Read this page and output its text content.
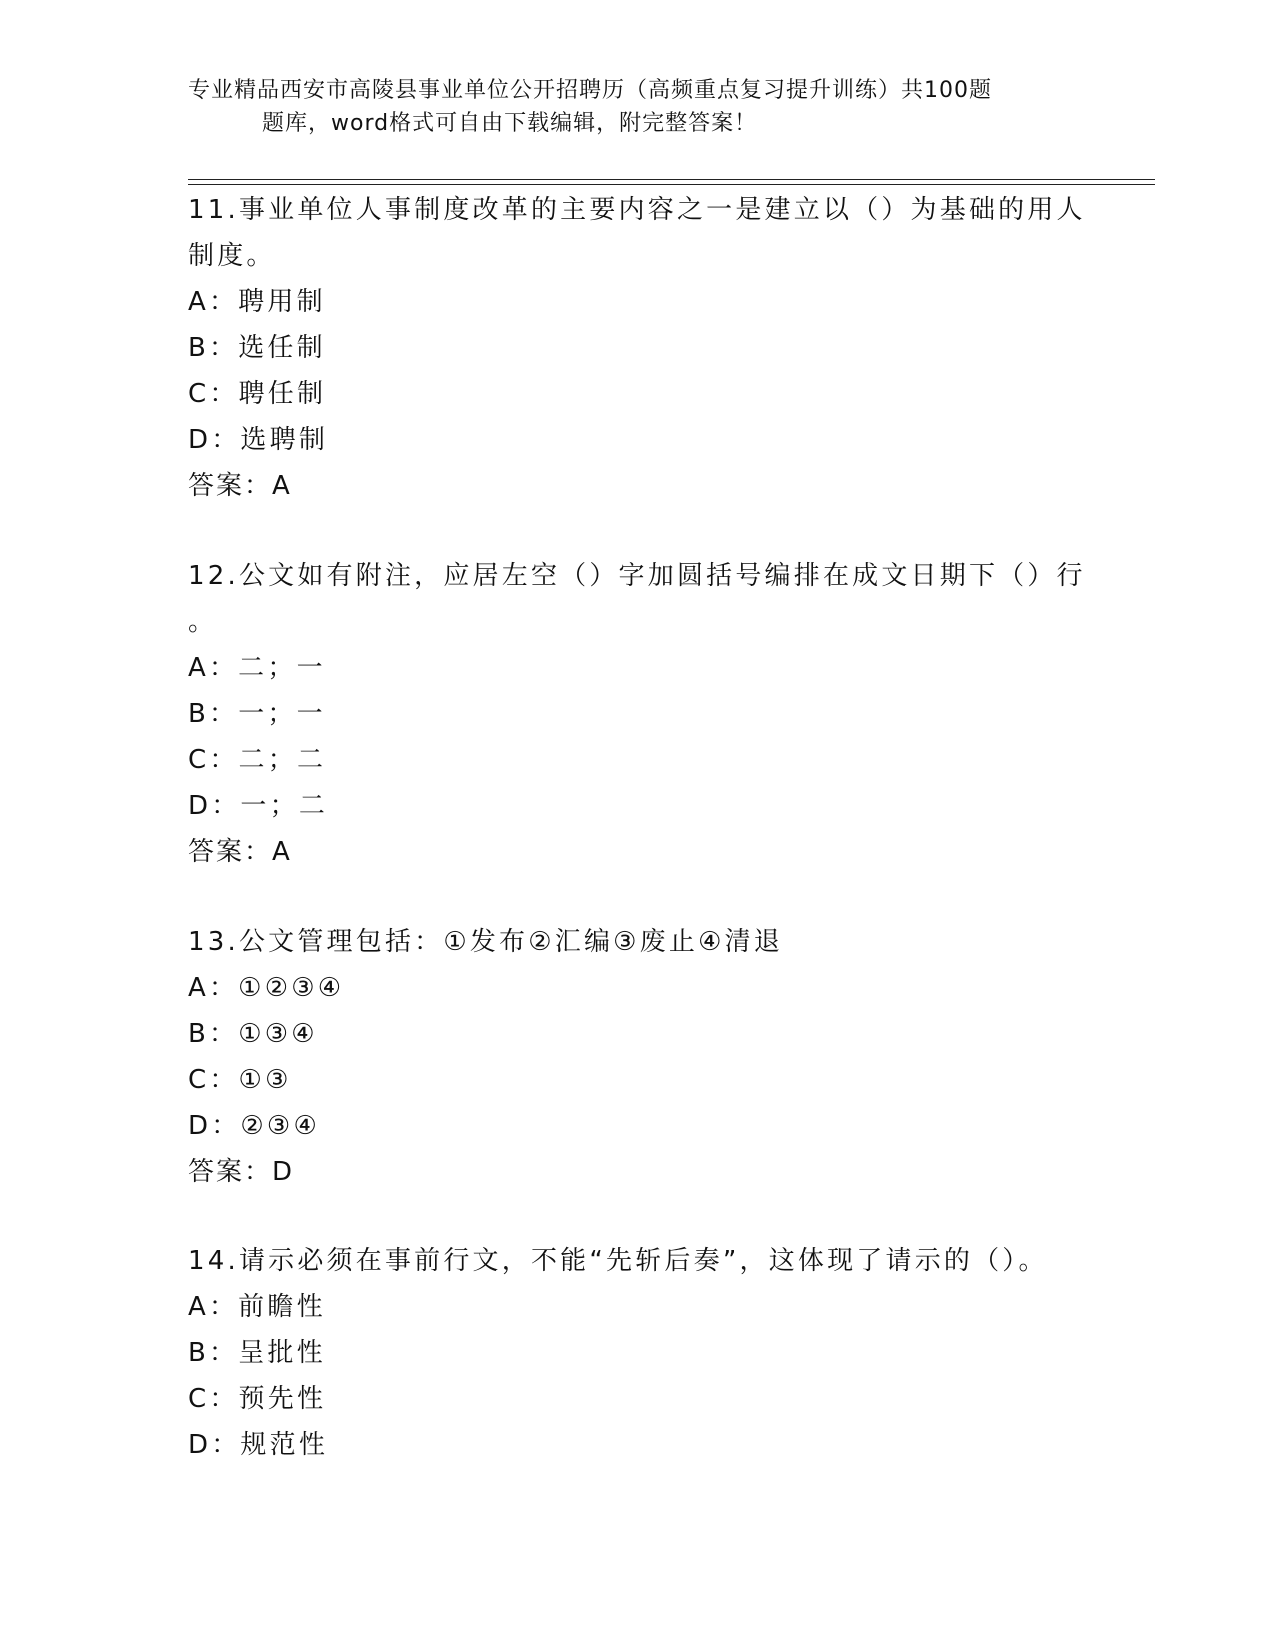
专业精品西安市高陵县事业单位公开招聘历（高频重点复习提升训练）共100题
题库，word格式可自由下载编辑，附完整答案！
11.事业单位人事制度改革的主要内容之一是建立以（）为基础的用人
制度。
A：聘用制
B：选任制
C：聘任制
D：选聘制
答案：A
12.公文如有附注，应居左空（）字加圆括号编排在成文日期下（）行
。
A：二；一
B：一；一
C：二；二
D：一；二
答案：A
13.公文管理包括：①发布②汇编③废止④清退
A：①②③④
B：①③④
C：①③
D：②③④
答案：D
14.请示必须在事前行文，不能“先斩后奏”，这体现了请示的（）。
A：前瞻性
B：呈批性
C：预先性
D：规范性
